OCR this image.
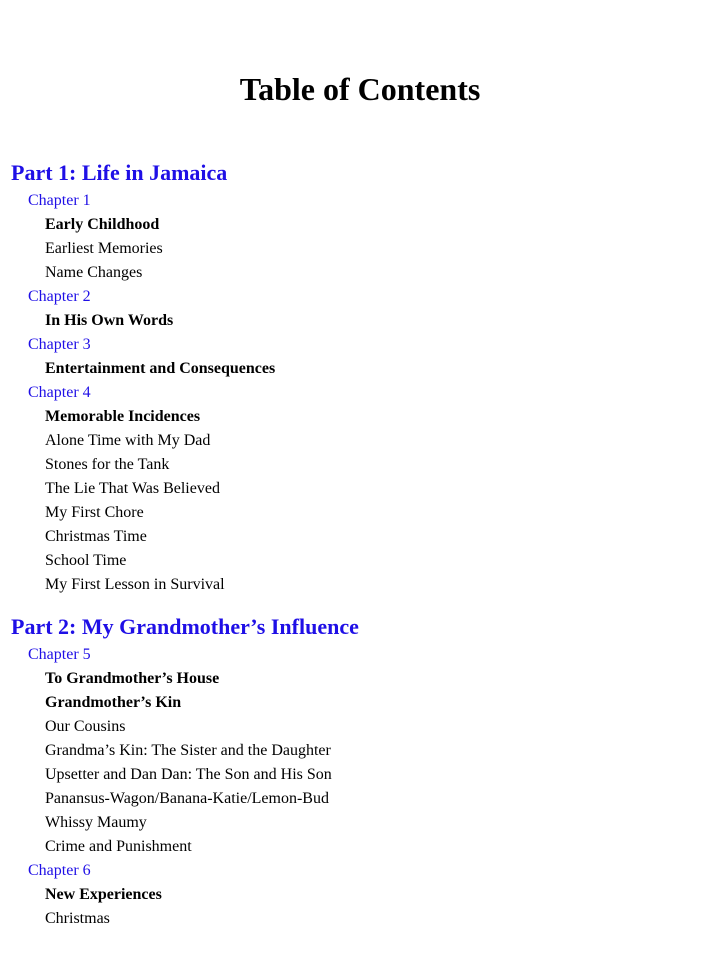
Table of Contents
Part 1: Life in Jamaica
Chapter 1
Early Childhood
Earliest Memories
Name Changes
Chapter 2
In His Own Words
Chapter 3
Entertainment and Consequences
Chapter 4
Memorable Incidences
Alone Time with My Dad
Stones for the Tank
The Lie That Was Believed
My First Chore
Christmas Time
School Time
My First Lesson in Survival
Part 2: My Grandmother’s Influence
Chapter 5
To Grandmother’s House
Grandmother’s Kin
Our Cousins
Grandma’s Kin: The Sister and the Daughter
Upsetter and Dan Dan: The Son and His Son
Panansus-Wagon/Banana-Katie/Lemon-Bud
Whissy Maumy
Crime and Punishment
Chapter 6
New Experiences
Christmas
